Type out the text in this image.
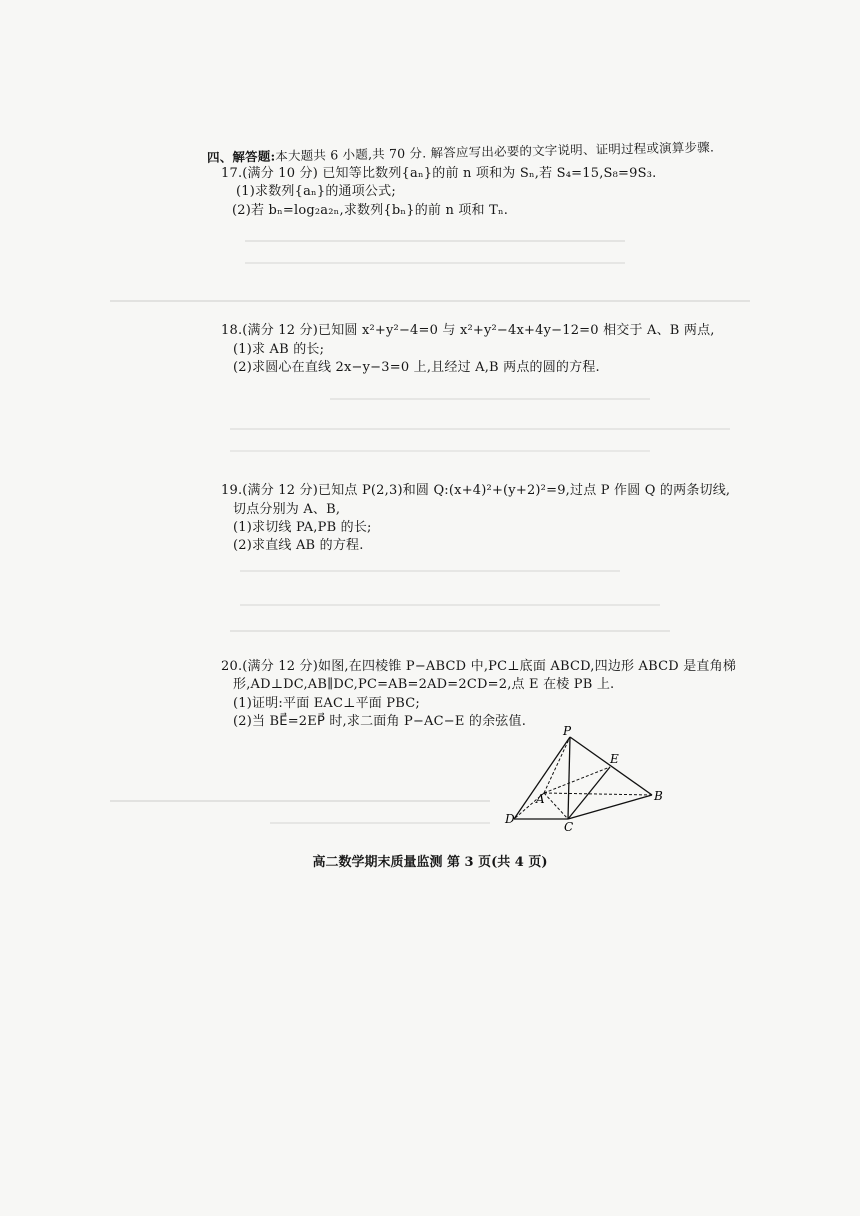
四、解答题:本大题共 6 小题,共 70 分. 解答应写出必要的文字说明、证明过程或演算步骤.
17.(满分 10 分) 已知等比数列{aₙ}的前 n 项和为 Sₙ,若 S₄=15,S₈=9S₃.
(1)求数列{aₙ}的通项公式;
(2)若 bₙ=log₂a₂ₙ,求数列{bₙ}的前 n 项和 Tₙ.
18.(满分 12 分)已知圆 x²+y²−4=0 与 x²+y²−4x+4y−12=0 相交于 A、B 两点,
(1)求 AB 的长;
(2)求圆心在直线 2x−y−3=0 上,且经过 A,B 两点的圆的方程.
19.(满分 12 分)已知点 P(2,3)和圆 Q:(x+4)²+(y+2)²=9,过点 P 作圆 Q 的两条切线,
切点分别为 A、B,
(1)求切线 PA,PB 的长;
(2)求直线 AB 的方程.
20.(满分 12 分)如图,在四棱锥 P−ABCD 中,PC⊥底面 ABCD,四边形 ABCD 是直角梯
形,AD⊥DC,AB∥DC,PC=AB=2AD=2CD=2,点 E 在棱 PB 上.
(1)证明:平面 EAC⊥平面 PBC;
(2)当 BE⃗=2EP⃗ 时,求二面角 P−AC−E 的余弦值.
P
E
A	B
C
D
高二数学期末质量监测 第 3 页(共 4 页)
